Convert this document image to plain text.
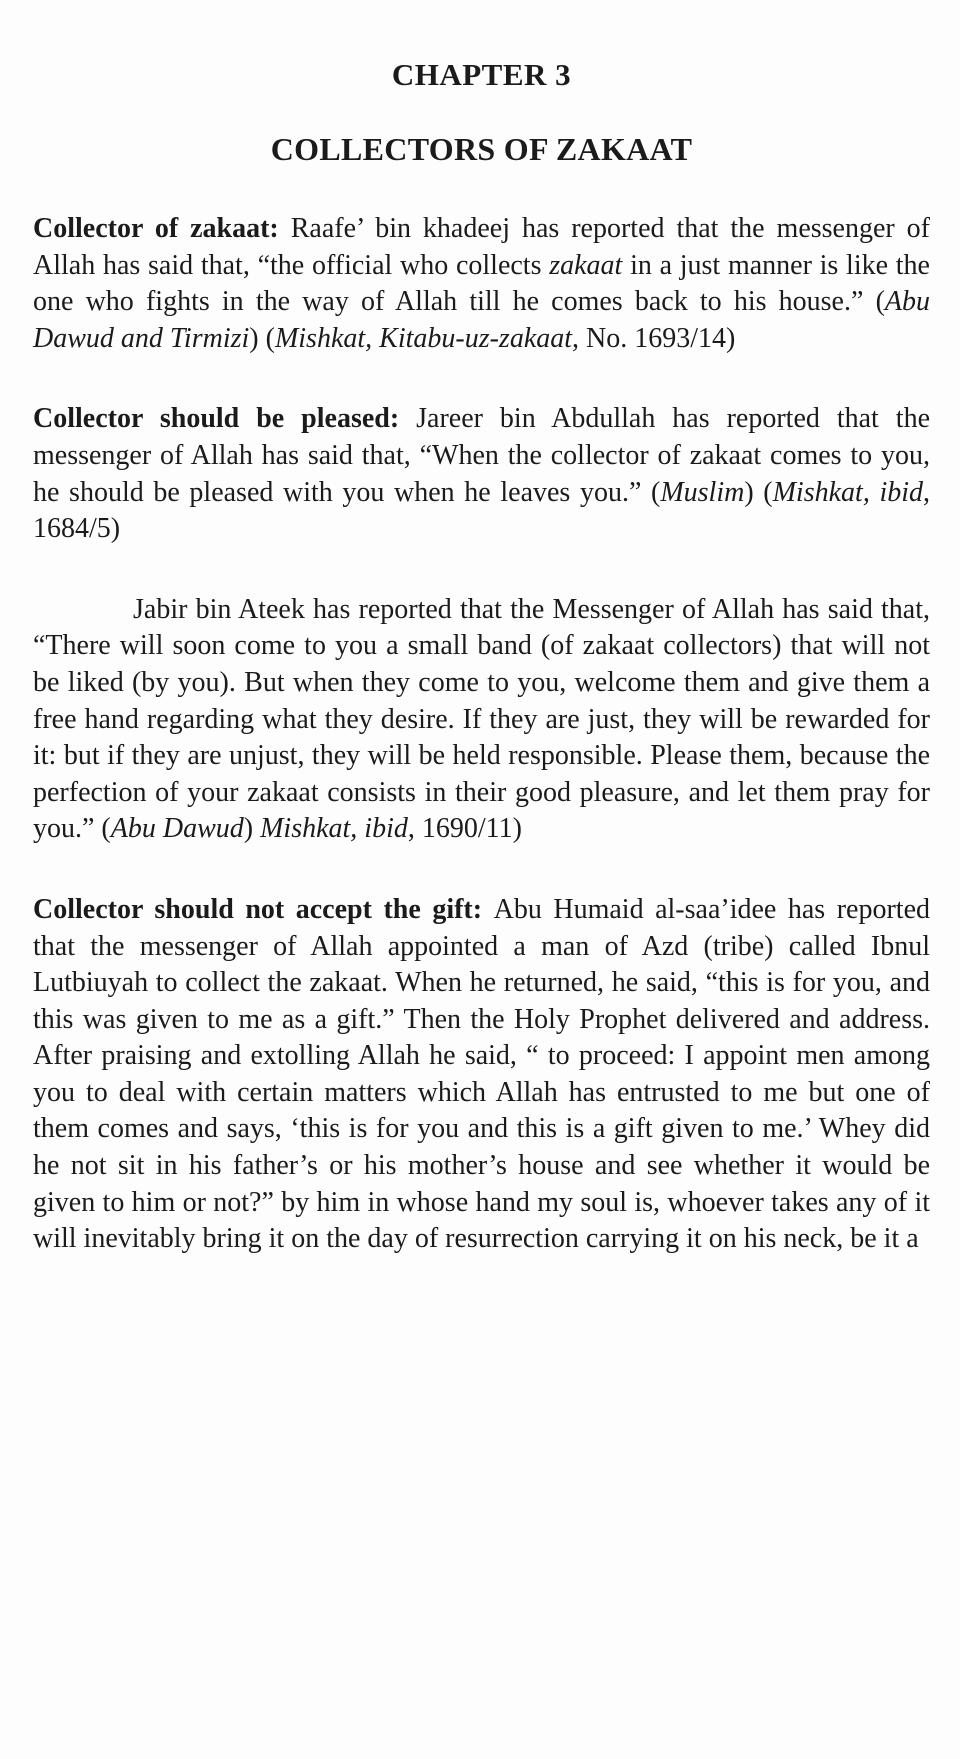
CHAPTER 3
COLLECTORS OF ZAKAAT

Collector of zakaat: Raafe’ bin khadeej has reported that the messenger of Allah has said that, “the official who collects zakaat in a just manner is like the one who fights in the way of Allah till he comes back to his house.” (Abu Dawud and Tirmizi) (Mishkat, Kitabu-uz-zakaat, No. 1693/14)

Collector should be pleased: Jareer bin Abdullah has reported that the messenger of Allah has said that, “When the collector of zakaat comes to you, he should be pleased with you when he leaves you.” (Muslim) (Mishkat, ibid, 1684/5)

Jabir bin Ateek has reported that the Messenger of Allah has said that, “There will soon come to you a small band (of zakaat collectors) that will not be liked (by you). But when they come to you, welcome them and give them a free hand regarding what they desire. If they are just, they will be rewarded for it: but if they are unjust, they will be held responsible. Please them, because the perfection of your zakaat consists in their good pleasure, and let them pray for you.” (Abu Dawud) Mishkat, ibid, 1690/11)

Collector should not accept the gift: Abu Humaid al-saa’idee has reported that the messenger of Allah appointed a man of Azd (tribe) called Ibnul Lutbiuyah to collect the zakaat. When he returned, he said, “this is for you, and this was given to me as a gift.” Then the Holy Prophet delivered and address. After praising and extolling Allah he said, “ to proceed: I appoint men among you to deal with certain matters which Allah has entrusted to me but one of them comes and says, ‘this is for you and this is a gift given to me.’ Whey did he not sit in his father’s or his mother’s house and see whether it would be given to him or not?” by him in whose hand my soul is, whoever takes any of it will inevitably bring it on the day of resurrection carrying it on his neck, be it a
